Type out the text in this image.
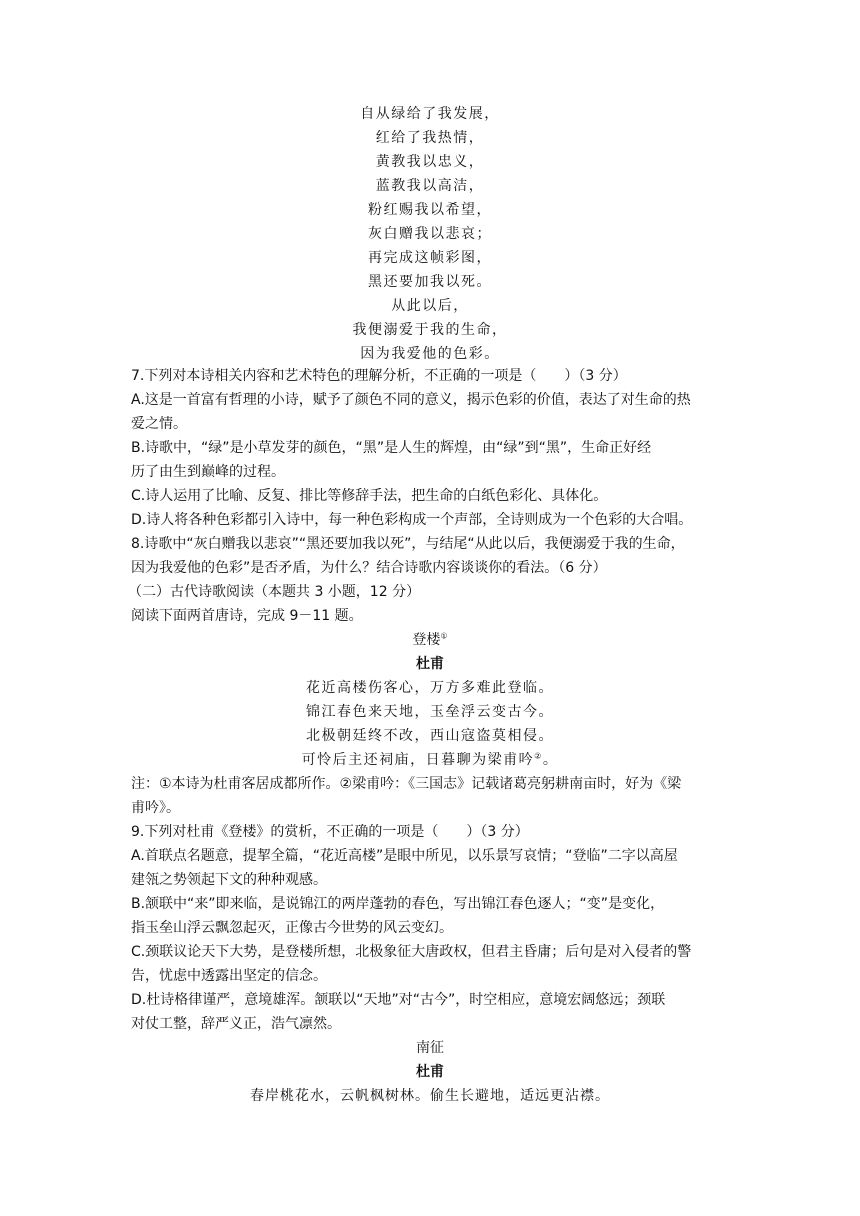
自从绿给了我发展，
红给了我热情，
黄教我以忠义，
蓝教我以高洁，
粉红赐我以希望，
灰白赠我以悲哀；
再完成这帧彩图，
黑还要加我以死。
从此以后，
我便溺爱于我的生命，
因为我爱他的色彩。
7.下列对本诗相关内容和艺术特色的理解分析，不正确的一项是（　　）（3 分）
A.这是一首富有哲理的小诗，赋予了颜色不同的意义，揭示色彩的价值，表达了对生命的热
爱之情。
B.诗歌中，“绿”是小草发芽的颜色，“黑”是人生的辉煌，由“绿”到“黑”，生命正好经
历了由生到巅峰的过程。
C.诗人运用了比喻、反复、排比等修辞手法，把生命的白纸色彩化、具体化。
D.诗人将各种色彩都引入诗中，每一种色彩构成一个声部，全诗则成为一个色彩的大合唱。
8.诗歌中“灰白赠我以悲哀”“黑还要加我以死”，与结尾“从此以后，我便溺爱于我的生命，
因为我爱他的色彩”是否矛盾，为什么？结合诗歌内容谈谈你的看法。（6 分）
（二）古代诗歌阅读（本题共 3 小题，12 分）
阅读下面两首唐诗，完成 9－11 题。
登楼①
杜甫
花近高楼伤客心，万方多难此登临。
锦江春色来天地，玉垒浮云变古今。
北极朝廷终不改，西山寇盗莫相侵。
可怜后主还祠庙，日暮聊为梁甫吟②。
注：①本诗为杜甫客居成都所作。②梁甫吟：《三国志》记载诸葛亮躬耕南亩时，好为《梁
甫吟》。
9.下列对杜甫《登楼》的赏析，不正确的一项是（　　）（3 分）
A.首联点名题意，提挈全篇，“花近高楼”是眼中所见，以乐景写哀情；“登临”二字以高屋
建瓴之势领起下文的种种观感。
B.颔联中“来”即来临，是说锦江的两岸蓬勃的春色，写出锦江春色逐人；“变”是变化，
指玉垒山浮云飘忽起灭，正像古今世势的风云变幻。
C.颈联议论天下大势，是登楼所想，北极象征大唐政权，但君主昏庸；后句是对入侵者的警
告，忧虑中透露出坚定的信念。
D.杜诗格律谨严，意境雄浑。颔联以“天地”对“古今”，时空相应，意境宏阔悠远；颈联
对仗工整，辞严义正，浩气凛然。
南征
杜甫
春岸桃花水，云帆枫树林。偷生长避地，适远更沾襟。
